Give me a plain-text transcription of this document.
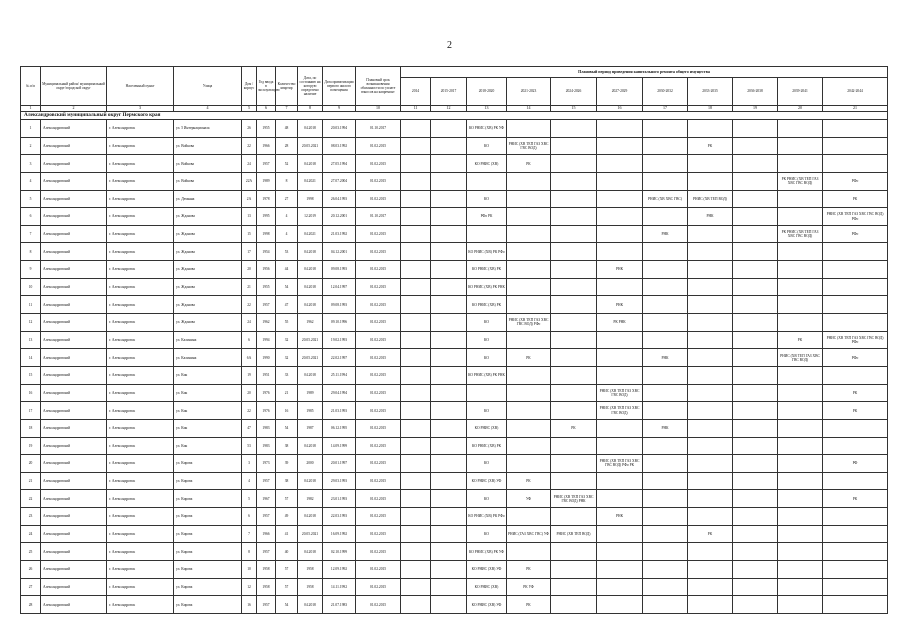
2
№ п/п	Муниципальный район/ муниципальный округ/городской округ	Населенный пункт	Улица	Дом / корпус	Год ввода в эксплуатацию	Количество квартир	Дата, по состоянию на которую определено наличие	Дата приватизации первого жилого помещения	Плановый срок возникновения обязанности по уплате взносов на капремонт	Плановый период проведения капитального ремонта общего имущества										
										2014	2015-2017	2018-2020	2021-2023	2024-2026	2027-2029	2030-2032	2033-2035	2036-2038	2039-2041	2042-2044
1	2	3	4	5	6	7	8	9	10	11	12	13	14	15	16	17	18	19	20	21
Александровский муниципальный округ Пермского края																				
1	Александровский	г. Александровск	ул. 5 Интернационала	26	1955	48	04.2018	20.03.1994	01.10.2017			КО РНИС (ХВ) РК УФ								
2	Александровский	г. Александровск	ул. Войкова	22	1966	28	20.05.2021	08.03.1992	01.02.2015			КО	РНИС (ХВ ТЕП ГАЗ ХВС ГВС ВОД)				РК			
3	Александровский	г. Александровск	ул. Войкова	24	1957	52	04.2018	27.05.1994	01.02.2015			КО РНИС (ХВ)	РК							
4	Александровский	г. Александровск	ул. Войкова	22А	1989	8	04.2021	27.07.2004	01.02.2015										РК РНИС (ХВ ТЕП ГАЗ ХВС ГВС ВОД)	РФо
5	Александровский	г. Александровск	ул. Демьяна	2А	1978	27	1998	26.04.1993	01.02.2015			КО				РНИС (ХВ ХВС ГВС)	РНИС (ХВ ТЕП ВОД)			РК
6	Александровский	г. Александровск	ул. Жданова	13	1995	4	12.2019	20.12.2001	01.10.2017			РФо РК					РНК			РНИС (ХВ ТЕП ГАЗ ХВС ГВС ВОД) РФо
7	Александровский	г. Александровск	ул. Жданова	15	1998	4	04.2021	21.03.1992	01.02.2015							РНК			РК РНИС (ХВ ТЕП ГАЗ ХВС ГВС ВОД)	РФо
8	Александровский	г. Александровск	ул. Жданова	17	1954	53	04.2018	04.12.2001	01.02.2015			КО РНИС (ХВ) РК РФо								
9	Александровский	г. Александровск	ул. Жданова	20	1956	44	04.2018	09.08.1993	01.02.2015			КО РНИС (ХВ) РК			РНК					
10	Александровский	г. Александровск	ул. Жданова	21	1955	54	04.2018	12.04.1997	01.02.2015			КО РНИС (ХВ) РК РНК								
11	Александровский	г. Александровск	ул. Жданова	22	1957	47	04.2018	09.08.1993	01.02.2015			КО РНИС (ХВ) РК			РНК					
12	Александровский	г. Александровск	ул. Жданова	24	1962	55	1962	09.10.1996	01.02.2015			КО	РНИС (ХВ ТЕП ГАЗ ХВС ГВС ВОД) РФо		РК РНК					
13	Александровский	г. Александровск	ул. Калинина	6	1994	32	20.05.2021	19.02.1993	01.02.2015			КО							РК	РНИС (ХВ ТЕП ГАЗ ХВС ГВС ВОД) РФо
14	Александровский	г. Александровск	ул. Калинина	6А	1990	32	20.05.2021	22.02.1997	01.02.2015			КО	РК			РНК			РНИС (ХВ ТЕП ГАЗ ХВС ГВС ВОД)	РФо
15	Александровский	г. Александровск	ул. Кик	19	1951	33	04.2018	25.11.1994	01.02.2015			КО РНИС (ХВ) РК РНК								
16	Александровский	г. Александровск	ул. Кик	20	1976	21	1989	29.04.1994	01.02.2015						РНИС (ХВ ТЕП ГАЗ ХВС ГВС ВОД)					РК
17	Александровский	г. Александровск	ул. Кик	22	1976	16	1985	21.03.1993	01.02.2015			КО			РНИС (ХВ ТЕП ГАЗ ХВС ГВС ВОД)					РК
18	Александровский	г. Александровск	ул. Кик	47	1983	54	1987	06.12.1995	01.02.2015			КО РНИС (ХВ)		РК		РНК				
19	Александровский	г. Александровск	ул. Кик	53	1983	38	04.2018	14.09.1999	01.02.2015			КО РНИС (ХВ) РК								
20	Александровский	г. Александровск	ул. Кирова	3	1973	39	2000	20.01.1997	01.02.2015			КО			РНИС (ХВ ТЕП ГАЗ ХВС ГВС ВОД) РФо РК					РФ
21	Александровский	г. Александровск	ул. Кирова	4	1957	38	04.2018	29.03.1993	01.02.2015			КО РНИС (ХВ) УФ	РК							
22	Александровский	г. Александровск	ул. Кирова	5	1967	57	1982	23.01.1993	01.02.2015			КО	УФ	РНИС (ХВ ТЕП ГАЗ ХВС ГВС ВОД) РНК						РК
23	Александровский	г. Александровск	ул. Кирова	6	1957	49	04.2018	22.03.1993	01.02.2015			КО РНИС (ХВ) РК РФо			РНК					
24	Александровский	г. Александровск	ул. Кирова	7	1966	41	20.05.2021	16.09.1992	01.02.2015			КО	РНИС (ГАЗ ХВС ГВС) УФ	РНИС (ХВ ТЕП ВОД)			РК			
25	Александровский	г. Александровск	ул. Кирова	8	1957	40	04.2018	02.10.1999	01.02.2015			КО РНИС (ХВ) РК УФ								
26	Александровский	г. Александровск	ул. Кирова	10	1958	57	1958	12.09.1992	01.02.2015			КО РНИС (ХВ) УФ	РК							
27	Александровский	г. Александровск	ул. Кирова	12	1958	57	1958	14.11.1992	01.02.2015			КО РНИС (ХВ)	РК УФ							
28	Александровский	г. Александровск	ул. Кирова	16	1957	54	04.2018	21.07.1983	01.02.2015			КО РНИС (ХВ) УФ	РК							
